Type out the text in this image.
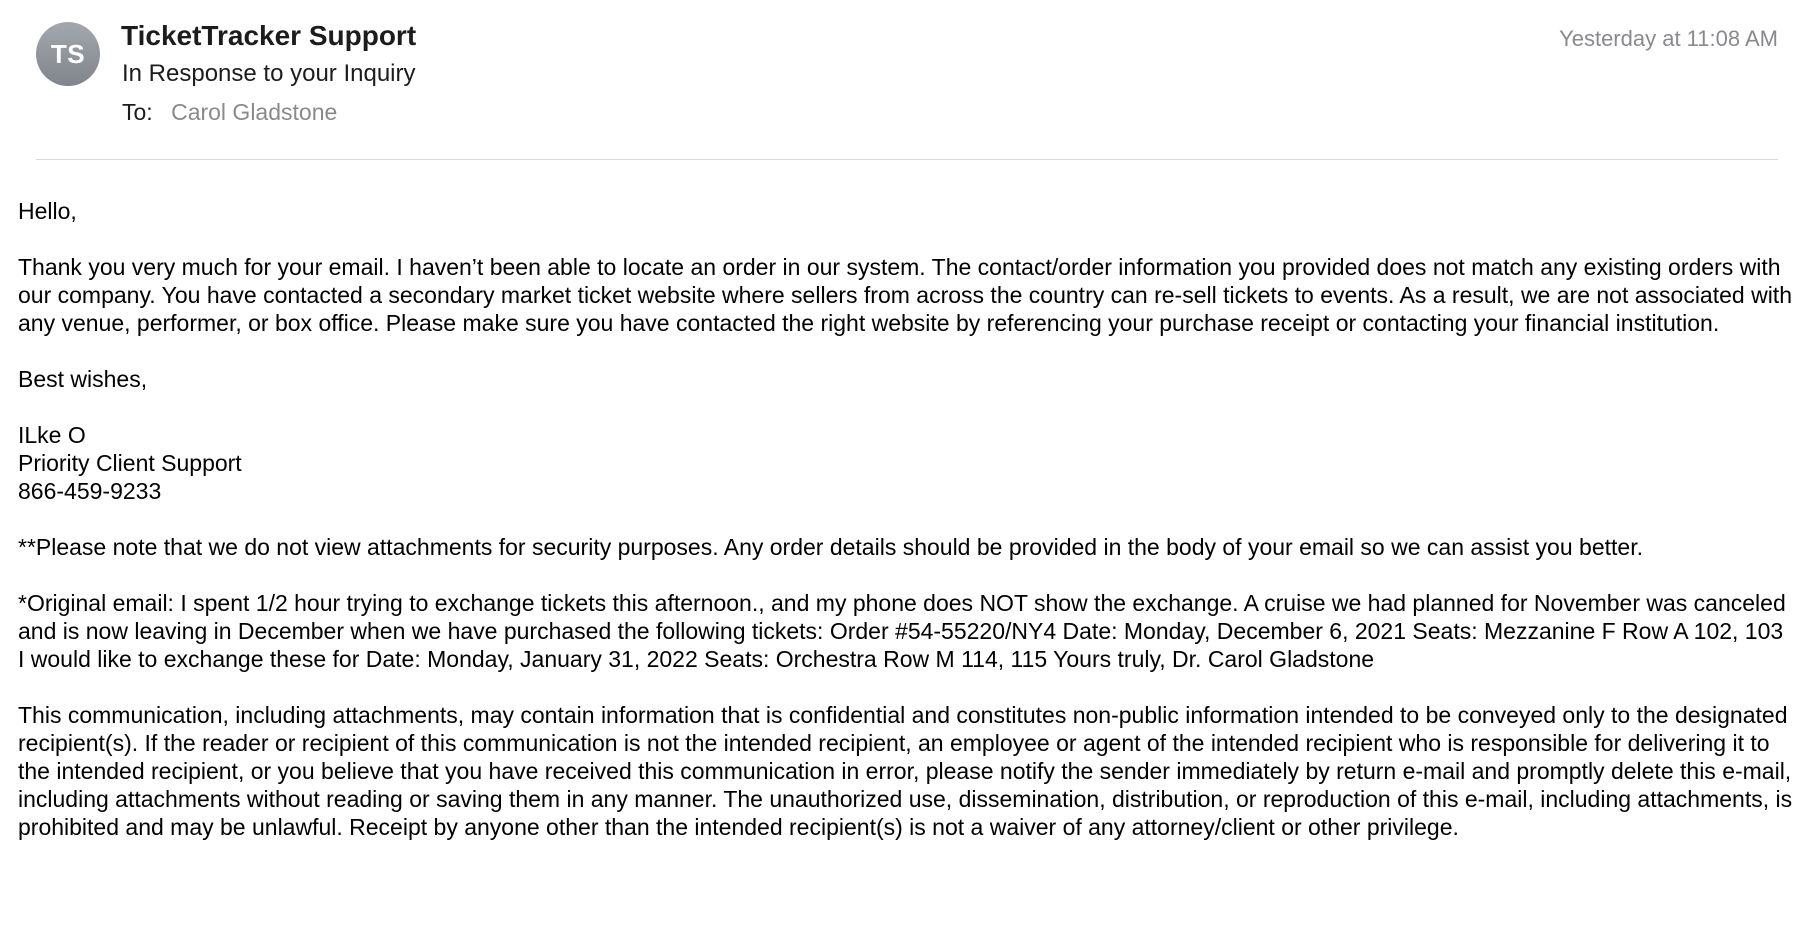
TS
TicketTracker Support
In Response to your Inquiry
To: Carol Gladstone
Yesterday at 11:08 AM

Hello,

Thank you very much for your email. I haven’t been able to locate an order in our system. The contact/order information you provided does not match any existing orders with our company. You have contacted a secondary market ticket website where sellers from across the country can re-sell tickets to events. As a result, we are not associated with any venue, performer, or box office. Please make sure you have contacted the right website by referencing your purchase receipt or contacting your financial institution.

Best wishes,

ILke O

Priority Client Support

866-459-9233

**Please note that we do not view attachments for security purposes. Any order details should be provided in the body of your email so we can assist you better.

*Original email: I spent 1/2 hour trying to exchange tickets this afternoon., and my phone does NOT show the exchange. A cruise we had planned for November was canceled and is now leaving in December when we have purchased the following tickets: Order #54-55220/NY4 Date: Monday, December 6, 2021 Seats: Mezzanine F Row A 102, 103 I would like to exchange these for Date: Monday, January 31, 2022 Seats: Orchestra Row M 114, 115 Yours truly, Dr. Carol Gladstone

This communication, including attachments, may contain information that is confidential and constitutes non-public information intended to be conveyed only to the designated recipient(s). If the reader or recipient of this communication is not the intended recipient, an employee or agent of the intended recipient who is responsible for delivering it to the intended recipient, or you believe that you have received this communication in error, please notify the sender immediately by return e-mail and promptly delete this e-mail, including attachments without reading or saving them in any manner. The unauthorized use, dissemination, distribution, or reproduction of this e-mail, including attachments, is prohibited and may be unlawful. Receipt by anyone other than the intended recipient(s) is not a waiver of any attorney/client or other privilege.
